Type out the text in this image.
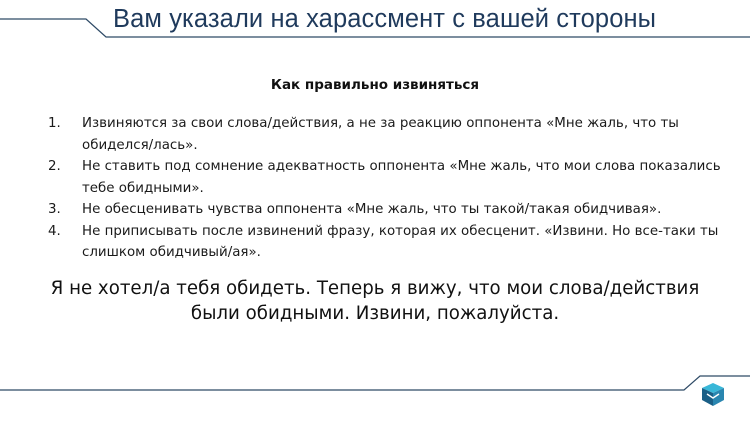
Вам указали на харассмент с вашей стороны
Как правильно извиняться
1.	Извиняются за свои слова/действия, а не за реакцию оппонента «Мне жаль, что ты обиделся/лась».
2.	Не ставить под сомнение адекватность оппонента «Мне жаль, что мои слова показались тебе обидными».
3.	Не обесценивать чувства оппонента «Мне жаль, что ты такой/такая обидчивая».
4.	Не приписывать после извинений фразу, которая их обесценит. «Извини. Но все-таки ты слишком обидчивый/ая».
Я не хотел/а тебя обидеть. Теперь я вижу, что мои слова/действия были обидными. Извини, пожалуйста.
